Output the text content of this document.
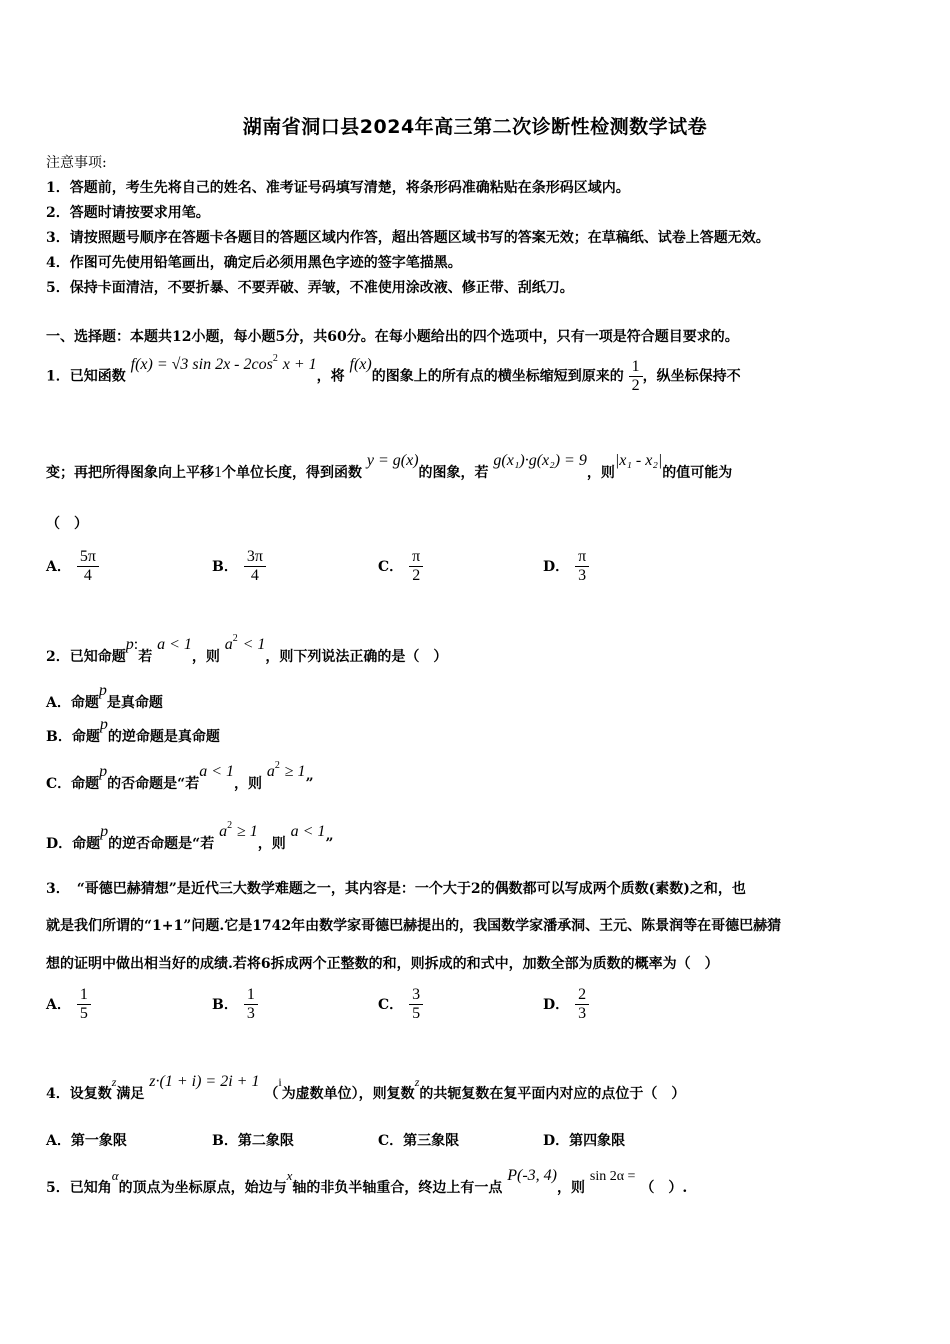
湖南省洞口县2024年高三第二次诊断性检测数学试卷
注意事项:
1．答题前，考生先将自己的姓名、准考证号码填写清楚，将条形码准确粘贴在条形码区域内。
2．答题时请按要求用笔。
3．请按照题号顺序在答题卡各题目的答题区域内作答，超出答题区域书写的答案无效；在草稿纸、试卷上答题无效。
4．作图可先使用铅笔画出，确定后必须用黑色字迹的签字笔描黑。
5．保持卡面清洁，不要折暴、不要弄破、弄皱，不准使用涂改液、修正带、刮纸刀。
一、选择题：本题共12小题，每小题5分，共60分。在每小题给出的四个选项中，只有一项是符合题目要求的。
1．已知函数 f(x) = √3 $\sin 2x - 2\cos^2$ x + 1，将 f(x)的图象上的所有点的横坐标缩短到原来的 $\frac{1}{2}$ ，纵坐标保持不
变；再把所得图象向上平移1个单位长度，得到函数 y = g(x)的图象，若 g(x₁)·g(x₂) = 9，则|x₁ - x₂|的值可能为
（　）
A． $\frac{5\pi}{4}$	B． $\frac{3\pi}{4}$	C． $\frac{\pi}{2}$	D． $\frac{\pi}{3}$
2．已知命题p:若 a < 1，则 $a^2 < 1$，则下列说法正确的是（　）
A．命题p是真命题
B．命题p的逆命题是真命题
C．命题p的否命题是“若a < 1，则 $a^2 \ge 1$”
D．命题p的逆否命题是“若 $a^2 \ge 1$，则 a < 1”
3．　“哥德巴赫猜想”是近代三大数学难题之一，其内容是：一个大于2的偶数都可以写成两个质数(素数)之和，也
就是我们所谓的“1+1”问题.它是1742年由数学家哥德巴赫提出的，我国数学家潘承洞、王元、陈景润等在哥德巴赫猜
想的证明中做出相当好的成绩.若将6拆成两个正整数的和，则拆成的和式中，加数全部为质数的概率为（　）
A． $\frac{1}{5}$	B． $\frac{1}{3}$	C． $\frac{3}{5}$	D． $\frac{2}{3}$
4．设复数z满足 z·(1 + i) = 2i + 1 （i为虚数单位），则复数z的共轭复数在复平面内对应的点位于（　）
A．第一象限	B．第二象限	C．第三象限	D．第四象限
5．已知角α的顶点为坐标原点，始边与x轴的非负半轴重合，终边上有一点 P(-3, 4)，则 sin 2α = （　）.
